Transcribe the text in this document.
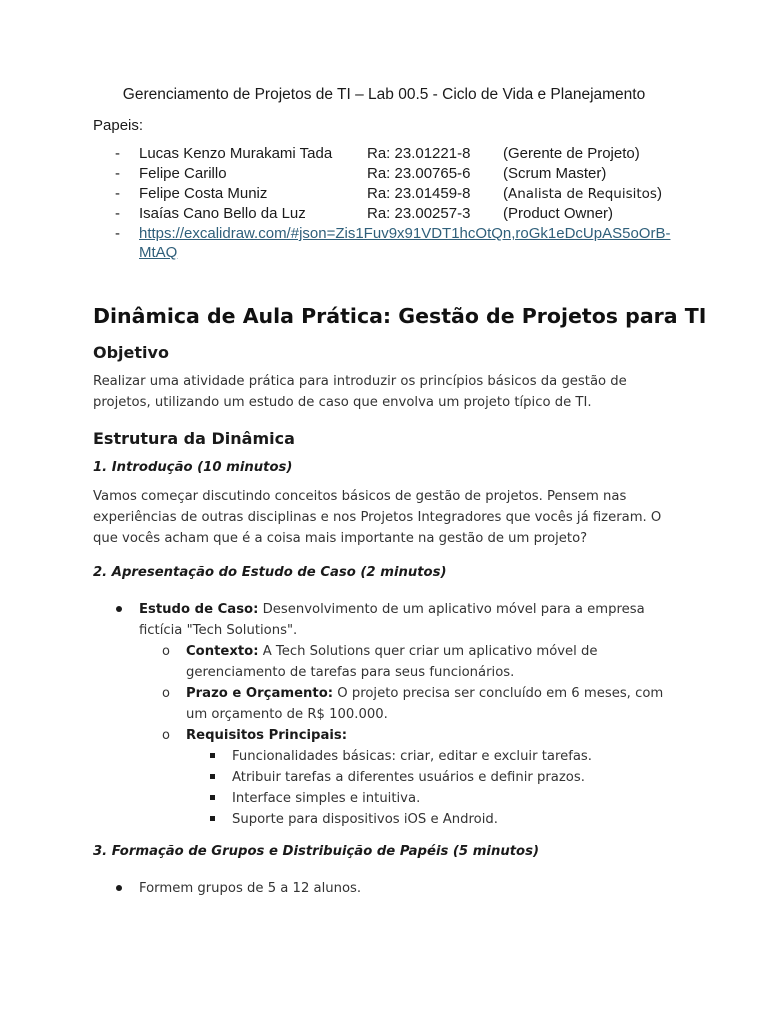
Gerenciamento de Projetos de TI – Lab 00.5 - Ciclo de Vida e Planejamento
Papeis:
- Lucas Kenzo Murakami Tada Ra: 23.01221-8 (Gerente de Projeto)
- Felipe Carillo	Ra: 23.00765-6 (Scrum Master)
- Felipe Costa Muniz	Ra: 23.01459-8 (Analista de Requisitos)
- Isaías Cano Bello da Luz	Ra: 23.00257-3 (Product Owner)
- https://excalidraw.com/#json=Zis1Fuv9x91VDT1hcOtQn,roGk1eDcUpAS5oOrB-MtAQ
Dinâmica de Aula Prática: Gestão de Projetos para TI
Objetivo
Realizar uma atividade prática para introduzir os princípios básicos da gestão de projetos, utilizando um estudo de caso que envolva um projeto típico de TI.
Estrutura da Dinâmica
1. Introdução (10 minutos)
Vamos começar discutindo conceitos básicos de gestão de projetos. Pensem nas experiências de outras disciplinas e nos Projetos Integradores que vocês já fizeram. O que vocês acham que é a coisa mais importante na gestão de um projeto?
2. Apresentação do Estudo de Caso (2 minutos)
Estudo de Caso: Desenvolvimento de um aplicativo móvel para a empresa fictícia "Tech Solutions".
o Contexto: A Tech Solutions quer criar um aplicativo móvel de gerenciamento de tarefas para seus funcionários.
o Prazo e Orçamento: O projeto precisa ser concluído em 6 meses, com um orçamento de R$ 100.000.
o Requisitos Principais:
Funcionalidades básicas: criar, editar e excluir tarefas.
Atribuir tarefas a diferentes usuários e definir prazos.
Interface simples e intuitiva.
Suporte para dispositivos iOS e Android.
3. Formação de Grupos e Distribuição de Papéis (5 minutos)
Formem grupos de 5 a 12 alunos.
